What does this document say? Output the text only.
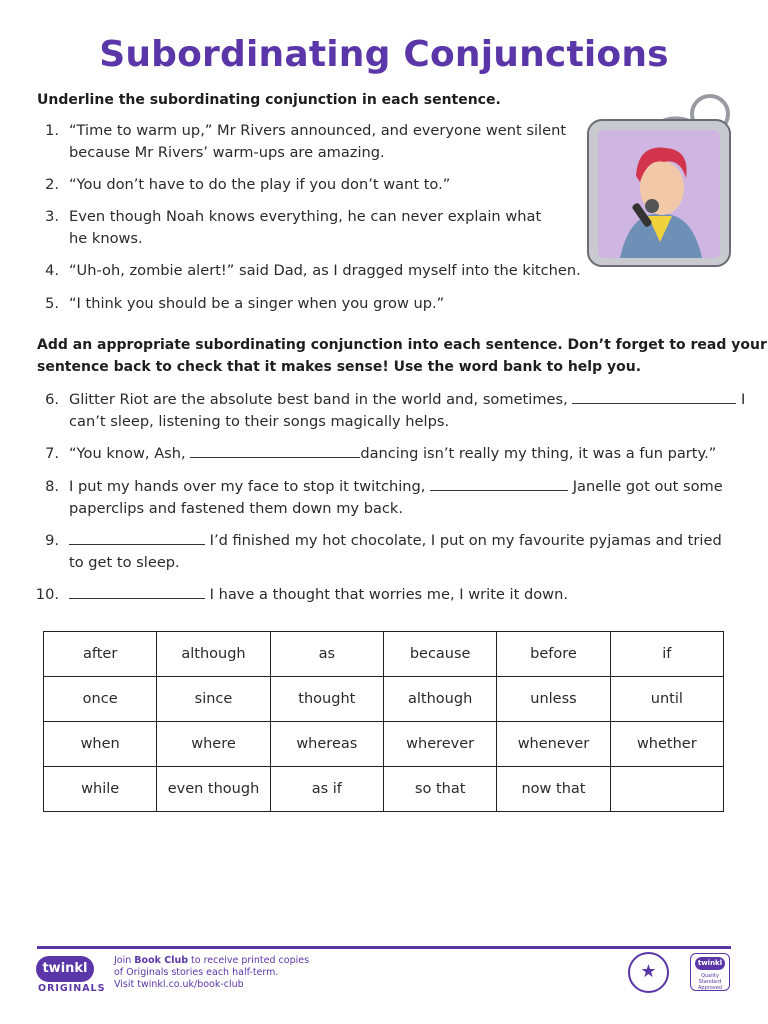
Subordinating Conjunctions
Underline the subordinating conjunction in each sentence.
1. “Time to warm up,” Mr Rivers announced, and everyone went silent
because Mr Rivers’ warm-ups are amazing.
2. “You don’t have to do the play if you don’t want to.”
3. Even though Noah knows everything, he can never explain what
he knows.
4. “Uh-oh, zombie alert!” said Dad, as I dragged myself into the kitchen.
5. “I think you should be a singer when you grow up.”
Add an appropriate subordinating conjunction into each sentence. Don’t forget to read your
sentence back to check that it makes sense! Use the word bank to help you.
6. Glitter Riot are the absolute best band in the world and, sometimes,	I
can’t sleep, listening to their songs magically helps.
7. “You know, Ash,	dancing isn’t really my thing, it was a fun party.”
8. I put my hands over my face to stop it twitching,	Janelle got out some
paperclips and fastened them down my back.
9.	I’d finished my hot chocolate, I put on my favourite pyjamas and tried
to get to sleep.
10.	I have a thought that worries me, I write it down.
after	although	as	because	before	if
once	since	thought	although	unless	until
when	where	whereas	wherever	whenever	whether
while	even though	as if	so that	now that	
twinkl
ORIGINALS
Join Book Club to receive printed copies
of Originals stories each half-term.
Visit twinkl.co.uk/book-club
★	twinkl
Quality Standard Approved
